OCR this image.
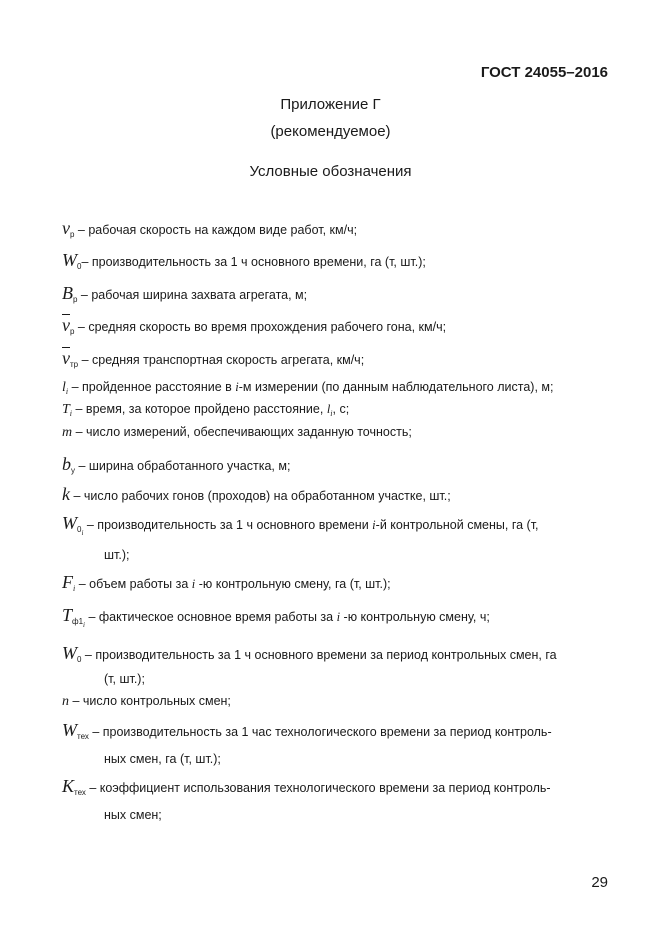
ГОСТ 24055–2016
Приложение Г
(рекомендуемое)
Условные обозначения
$v_р$ – рабочая скорость на каждом виде работ, км/ч;
$W_0-$ производительность за 1 ч основного времени, га (т, шт.);
$B_р$ – рабочая ширина захвата агрегата, м;
$\overline{v}_р$ – средняя скорость во время прохождения рабочего гона, км/ч;
$\overline{v}_{тр}$ – средняя транспортная скорость агрегата, км/ч;
$l_i$ – пройденное расстояние в i-м измерении (по данным наблюдательного листа), м;
$T_i$ – время, за которое пройдено расстояние, $l_i$, с;
m – число измерений, обеспечивающих заданную точность;
$b_у$ – ширина обработанного участка, м;
k – число рабочих гонов (проходов) на обработанном участке, шт.;
$W_{0i}$ – производительность за 1 ч основного времени i-й контрольной смены, га (т,
шт.);
$F_i$ – объем работы за i -ю контрольную смену, га (т, шт.);
$T_{ф1i}$ – фактическое основное время работы за i -ю контрольную смену, ч;
$W_0$ – производительность за 1 ч основного времени за период контрольных смен, га
(т, шт.);
n – число контрольных смен;
$W_{тех}$ – производительность за 1 час технологического времени за период контроль-
ных смен, га (т, шт.);
$K_{тех}$ – коэффициент использования технологического времени за период контроль-
ных смен;
29
